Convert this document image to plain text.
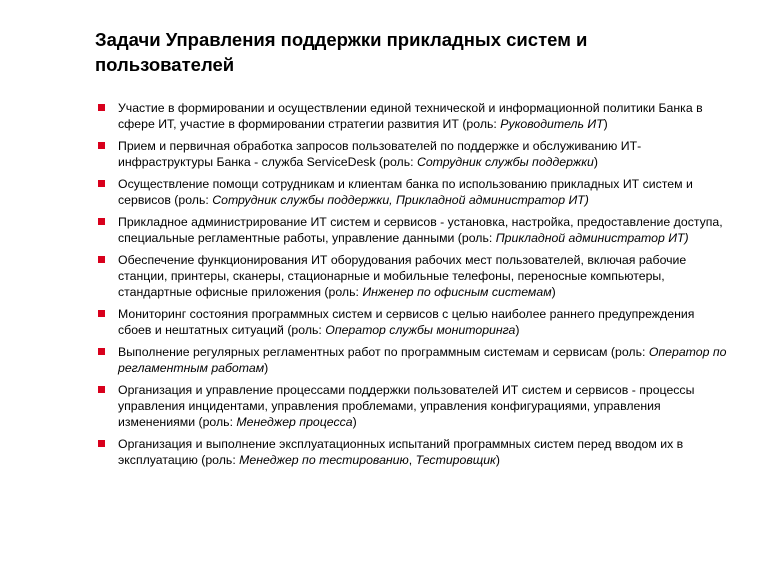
Задачи Управления поддержки прикладных систем и пользователей
Участие в формировании и осуществлении единой технической и информационной политики Банка в сфере ИТ, участие в формировании стратегии развития ИТ (роль: Руководитель ИТ)
Прием и первичная обработка запросов пользователей по поддержке и обслуживанию ИТ-инфраструктуры Банка - служба ServiceDesk (роль: Сотрудник службы поддержки)
Осуществление помощи сотрудникам и клиентам банка по использованию прикладных ИТ систем и сервисов (роль: Сотрудник службы поддержки, Прикладной администратор ИТ)
Прикладное администрирование ИТ систем и сервисов - установка, настройка, предоставление доступа, специальные регламентные работы, управление данными (роль: Прикладной администратор ИТ)
Обеспечение функционирования ИТ оборудования рабочих мест пользователей, включая рабочие станции, принтеры, сканеры, стационарные и мобильные телефоны, переносные компьютеры, стандартные офисные приложения (роль: Инженер по офисным системам)
Мониторинг состояния программных систем и сервисов с целью наиболее раннего предупреждения сбоев и нештатных ситуаций (роль: Оператор службы мониторинга)
Выполнение регулярных регламентных работ по программным системам и сервисам (роль: Оператор по регламентным работам)
Организация и управление процессами поддержки пользователей ИТ систем и сервисов - процессы управления инцидентами, управления проблемами, управления конфигурациями, управления изменениями (роль: Менеджер процесса)
Организация и выполнение эксплуатационных испытаний программных систем перед вводом их в эксплуатацию (роль: Менеджер по тестированию, Тестировщик)
